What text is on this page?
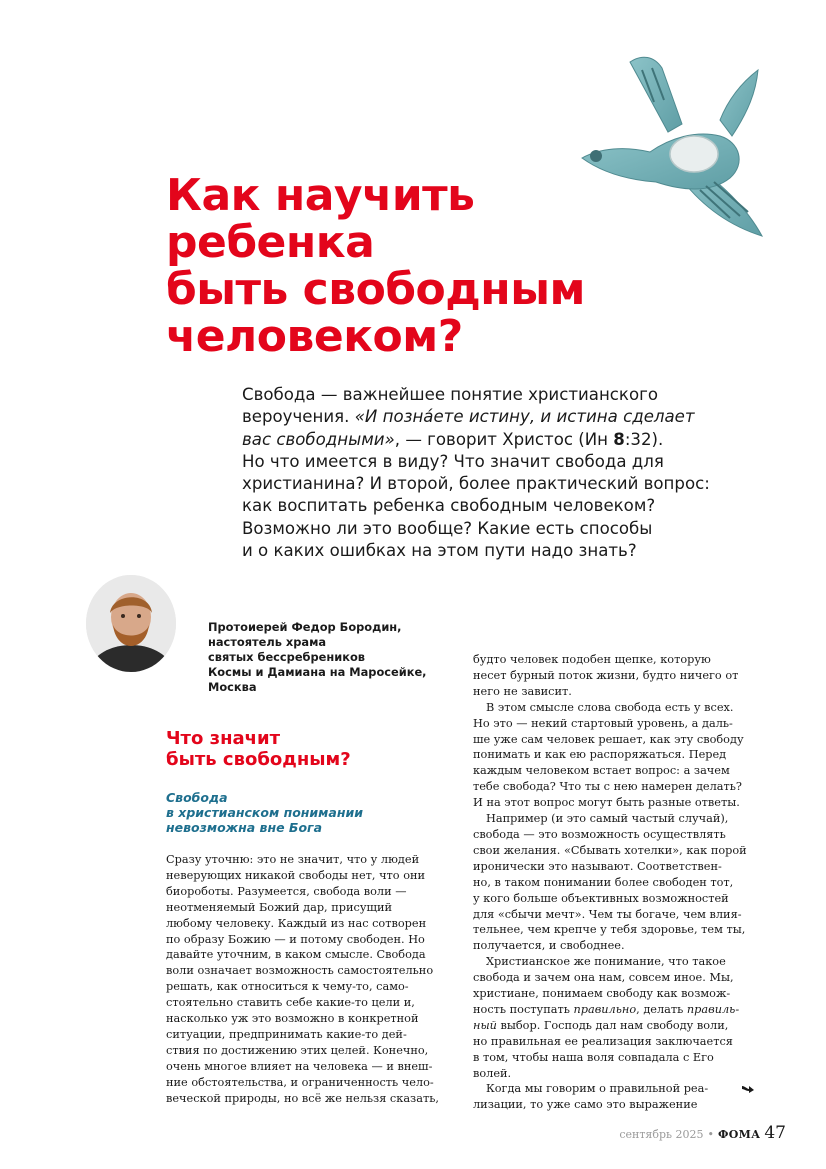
Как научить
ребенка
быть свободным
человеком?
Свобода — важнейшее понятие христианского
вероучения. «И позна́ете истину, и истина сделает
вас свободными», — говорит Христос (Ин 8:32).
Но что имеется в виду? Что значит свобода для
христианина? И второй, более практический вопрос:
как воспитать ребенка свободным человеком?
Возможно ли это вообще? Какие есть способы
и о каких ошибках на этом пути надо знать?
Протоиерей Федор Бородин,
настоятель храма
святых бессребреников
Космы и Дамиана на Маросейке,
Москва
Что значит
быть свободным?
Свобода
в христианском понимании
невозможна вне Бога
Сразу уточню: это не значит, что у людей
неверующих никакой свободы нет, что они
биороботы. Разумеется, свобода воли —
неотменяемый Божий дар, присущий
любому человеку. Каждый из нас сотворен
по образу Божию — и потому свободен. Но
давайте уточним, в каком смысле. Свобода
воли означает возможность самостоятельно
решать, как относиться к чему-то, само-
стоятельно ставить себе какие-то цели и,
насколько уж это возможно в конкретной
ситуации, предпринимать какие-то дей-
ствия по достижению этих целей. Конечно,
очень многое влияет на человека — и внеш-
ние обстоятельства, и ограниченность чело-
веческой природы, но всё же нельзя сказать,
будто человек подобен щепке, которую
несет бурный поток жизни, будто ничего от
него не зависит.
В этом смысле слова свобода есть у всех.
Но это — некий стартовый уровень, а даль-
ше уже сам человек решает, как эту свободу
понимать и как ею распоряжаться. Перед
каждым человеком встает вопрос: а зачем
тебе свобода? Что ты с нею намерен делать?
И на этот вопрос могут быть разные ответы.
Например (и это самый частый случай),
свобода — это возможность осуществлять
свои желания. «Сбывать хотелки», как порой
иронически это называют. Соответствен-
но, в таком понимании более свободен тот,
у кого больше объективных возможностей
для «сбычи мечт». Чем ты богаче, чем влия-
тельнее, чем крепче у тебя здоровье, тем ты,
получается, и свободнее.
Христианское же понимание, что такое
свобода и зачем она нам, совсем иное. Мы,
христиане, понимаем свободу как возмож-
ность поступать правильно, делать правиль-
ный выбор. Господь дал нам свободу воли,
но правильная ее реализация заключается
в том, чтобы наша воля совпадала с Его
волей.
Когда мы говорим о правильной реа-
лизации, то уже само это выражение
сентябрь 2025 • ФОМА 47
